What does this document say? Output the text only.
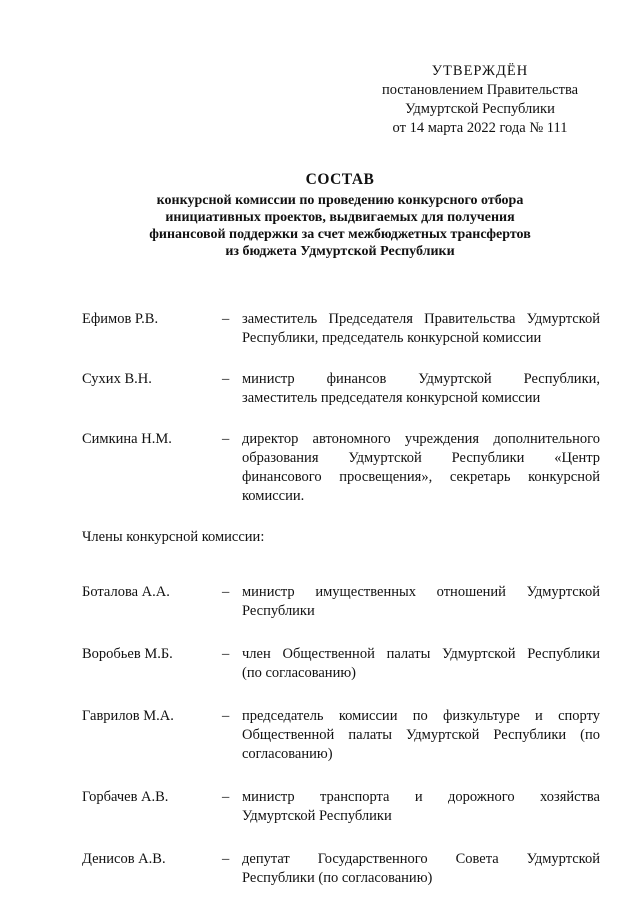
УТВЕРЖДЁН
постановлением Правительства
Удмуртской Республики
от 14 марта 2022 года № 111
СОСТАВ
конкурсной комиссии по проведению конкурсного отбора
инициативных проектов, выдвигаемых для получения
финансовой поддержки за счет межбюджетных трансфертов
из бюджета Удмуртской Республики
Ефимов Р.В.	– заместитель Председателя Правительства Удмуртской
Республики, председатель конкурсной комиссии
Сухих В.Н.	– министр финансов Удмуртской Республики,
заместитель председателя конкурсной комиссии
Симкина Н.М.	– директор автономного учреждения дополнительного
образования Удмуртской Республики «Центр
финансового просвещения», секретарь конкурсной
комиссии.
Члены конкурсной комиссии:
Боталова А.А.	– министр имущественных отношений Удмуртской
Республики
Воробьев М.Б.	– член Общественной палаты Удмуртской Республики
(по согласованию)
Гаврилов М.А.	– председатель комиссии по физкультуре и спорту
Общественной палаты Удмуртской Республики (по
согласованию)
Горбачев А.В.	– министр транспорта и дорожного хозяйства
Удмуртской Республики
Денисов А.В.	– депутат Государственного Совета Удмуртской
Республики (по согласованию)
